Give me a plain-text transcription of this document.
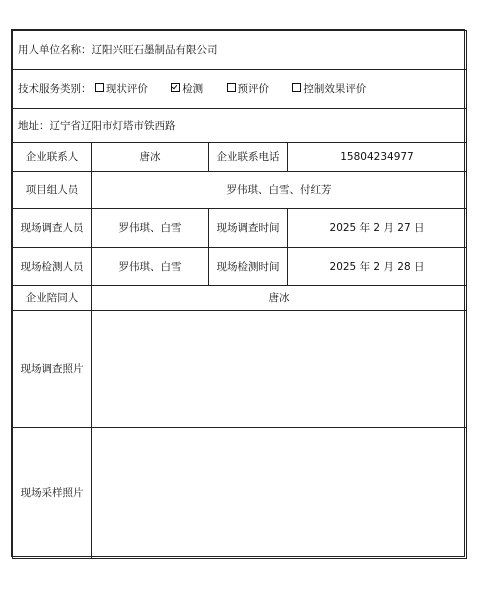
用人单位名称：辽阳兴旺石墨制品有限公司			
技术服务类别： 现状评价 检测 预评价 控制效果评价			
地址：辽宁省辽阳市灯塔市铁西路			
企业联系人	唐冰	企业联系电话	15804234977
项目组人员	罗伟琪、白雪、付红芳		
现场调查人员	罗伟琪、白雪	现场调查时间	2025 年 2 月 27 日
现场检测人员	罗伟琪、白雪	现场检测时间	2025 年 2 月 28 日
企业陪同人	唐冰		
现场调查照片			
现场采样照片			
